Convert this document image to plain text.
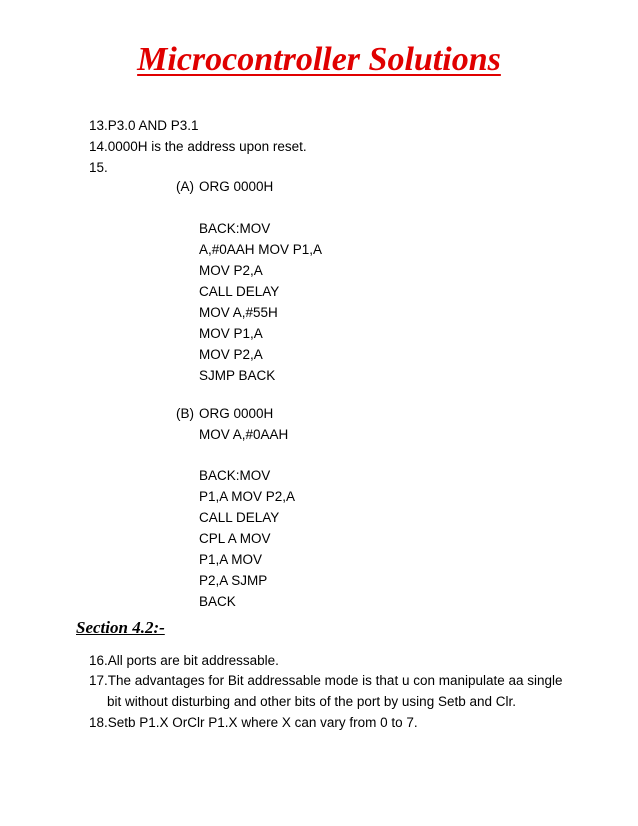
Microcontroller Solutions
13.P3.0 AND P3.1
14.0000H is the address upon reset.
15.
(A) ORG 0000H
BACK:MOV
A,#0AAH MOV P1,A
MOV P2,A
CALL DELAY
MOV A,#55H
MOV P1,A
MOV P2,A
SJMP BACK
(B) ORG 0000H
MOV A,#0AAH
BACK:MOV
P1,A MOV P2,A
CALL DELAY
CPL A MOV
P1,A MOV
P2,A SJMP
BACK
Section 4.2:-
16.All ports are bit addressable.
17.The advantages for Bit addressable mode is that u con manipulate aa single
bit without disturbing and other bits of the port by using Setb and Clr.
18.Setb P1.X OrClr P1.X where X can vary from 0 to 7.
